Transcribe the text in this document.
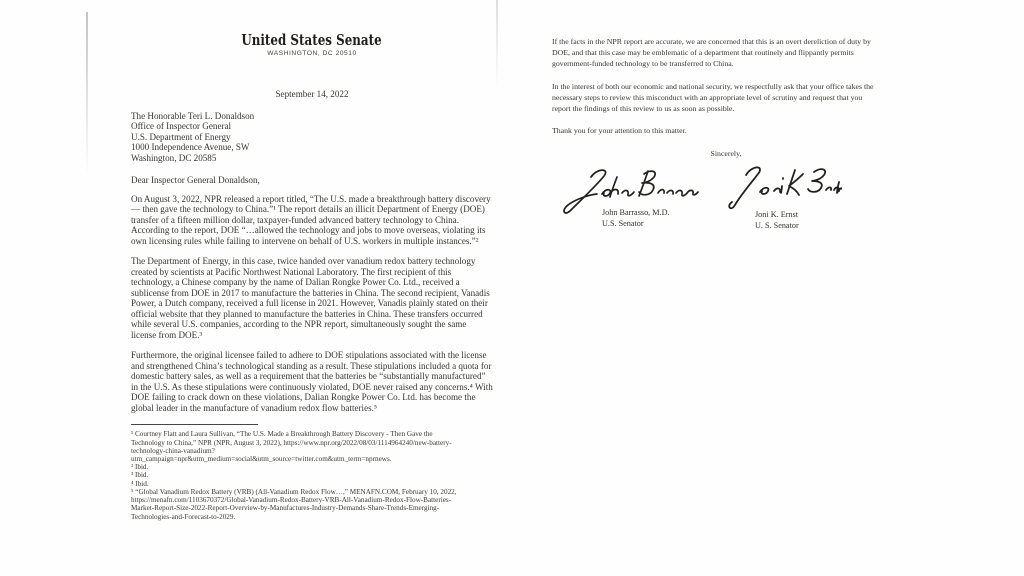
United States Senate
WASHINGTON, DC 20510
September 14, 2022
The Honorable Teri L. Donaldson
Office of Inspector General
U.S. Department of Energy
1000 Independence Avenue, SW
Washington, DC 20585

Dear Inspector General Donaldson,

On August 3, 2022, NPR released a report titled, “The U.S. made a breakthrough battery discovery — then gave the technology to China.”¹ The report details an illicit Department of Energy (DOE) transfer of a fifteen million dollar, taxpayer-funded advanced battery technology to China. According to the report, DOE “…allowed the technology and jobs to move overseas, violating its own licensing rules while failing to intervene on behalf of U.S. workers in multiple instances.”²

The Department of Energy, in this case, twice handed over vanadium redox battery technology created by scientists at Pacific Northwest National Laboratory. The first recipient of this technology, a Chinese company by the name of Dalian Rongke Power Co. Ltd., received a sublicense from DOE in 2017 to manufacture the batteries in China. The second recipient, Vanadis Power, a Dutch company, received a full license in 2021. However, Vanadis plainly stated on their official website that they planned to manufacture the batteries in China. These transfers occurred while several U.S. companies, according to the NPR report, simultaneously sought the same license from DOE.³

Furthermore, the original licensee failed to adhere to DOE stipulations associated with the license and strengthened China’s technological standing as a result. These stipulations included a quota for domestic battery sales, as well as a requirement that the batteries be “substantially manufactured” in the U.S. As these stipulations were continuously violated, DOE never raised any concerns.⁴ With DOE failing to crack down on these violations, Dalian Rongke Power Co. Ltd. has become the global leader in the manufacture of vanadium redox flow batteries.⁵

¹ Courtney Flatt and Laura Sullivan, “The U.S. Made a Breakthrough Battery Discovery - Then Gave the Technology to China,” NPR (NPR, August 3, 2022), https://www.npr.org/2022/08/03/1114964240/new-battery-technology-china-vanadium?utm_campaign=npr&utm_medium=social&utm_source=twitter.com&utm_term=nprnews.

² Ibid.

³ Ibid.

⁴ Ibid.

⁵ “Global Vanadium Redox Battery (VRB) (All-Vanadium Redox Flow…,” MENAFN.COM, February 10, 2022, https://menafn.com/1103670372/Global-Vanadium-Redox-Battery-VRB-All-Vanadium-Redox-Flow-Batteries-Market-Report-Size-2022-Report-Overview-by-Manufactures-Industry-Demands-Share-Trends-Emerging-Technologies-and-Forecast-to-2029.

If the facts in the NPR report are accurate, we are concerned that this is an overt dereliction of duty by DOE, and that this case may be emblematic of a department that routinely and flippantly permits government-funded technology to be transferred to China.

In the interest of both our economic and national security, we respectfully ask that your office takes the necessary steps to review this misconduct with an appropriate level of scrutiny and request that you report the findings of this review to us as soon as possible.

Thank you for your attention to this matter.

Sincerely,
John Barrasso, M.D.
U.S. Senator
Joni K. Ernst
U. S. Senator
